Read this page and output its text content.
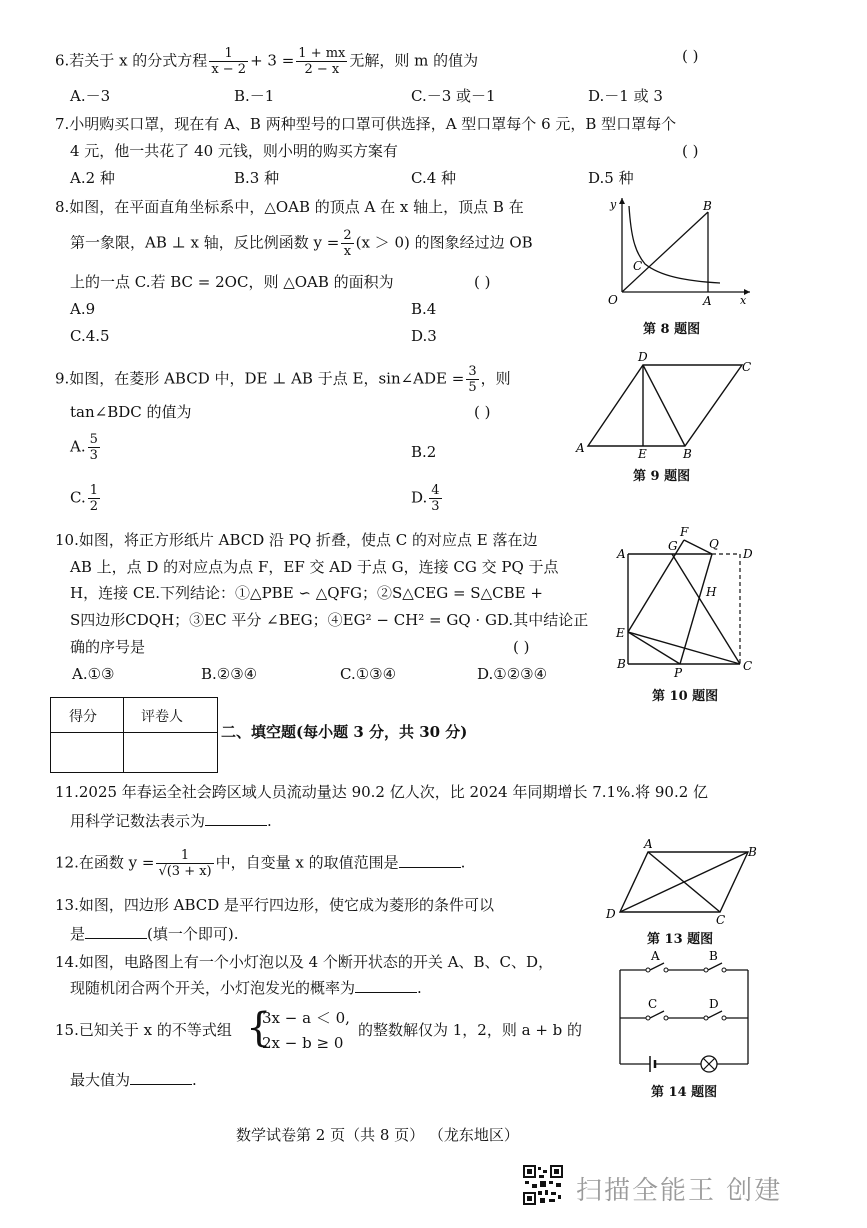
6.若关于 x 的分式方程 $\frac{1}{x - 2} + 3 = \frac{1 + mx}{2 - x}$ 无解，则 m 的值为	( )
A.－3	B.－1	C.－3 或－1	D.－1 或 3
7.小明购买口罩，现在有 A、B 两种型号的口罩可供选择，A 型口罩每个 6 元，B 型口罩每个
4 元，他一共花了 40 元钱，则小明的购买方案有	( )
A.2 种	B.3 种	C.4 种	D.5 种
8.如图，在平面直角坐标系中，△OAB 的顶点 A 在 x 轴上，顶点 B 在
第一象限，AB ⊥ x 轴，反比例函数 $y = \frac{2}{x} (x > 0)$ 的图象经过边 OB
上的一点 C.若 BC = 2OC，则 △OAB 的面积为	( )
A.9	B.4
C.4.5	D.3
y
x
O	A
B
C
第 8 题图
9.如图，在菱形 ABCD 中，DE ⊥ AB 于点 E，sin∠ADE = $\frac{3}{5}$ ，则
tan∠BDC 的值为	( )
A. $\frac{5}{3}$	B.2
C. $\frac{1}{2}$	D. $\frac{4}{3}$
A	B
C
D
E
第 9 题图
10.如图，将正方形纸片 ABCD 沿 PQ 折叠，使点 C 的对应点 E 落在边
AB 上，点 D 的对应点为点 F，EF 交 AD 于点 G，连接 CG 交 PQ 于点
H，连接 CE.下列结论：①△PBE ∽ △QFG；②S△CEG = S△CBE +
S四边形CDQH；③EC 平分 ∠BEG；④EG² − CH² = GQ · GD.其中结论正
确的序号是	( )
A.①③	B.②③④	C.①③④	D.①②③④
A
B	C
D
E
F
G
H
P
Q
第 10 题图
得分	评卷人
二、填空题(每小题 3 分，共 30 分)
11.2025 年春运全社会跨区域人员流动量达 90.2 亿人次，比 2024 年同期增长 7.1%.将 90.2 亿
用科学记数法表示为	.
12.在函数 $y = \frac{1}{√(3 + x)}$ 中，自变量 x 的取值范围是	.
13.如图，四边形 ABCD 是平行四边形，使它成为菱形的条件可以
是	(填一个即可).
A
B
C
D
第 13 题图
14.如图，电路图上有一个小灯泡以及 4 个断开状态的开关 A、B、C、D，
现随机闭合两个开关，小灯泡发光的概率为	.
A	B
C	D
第 14 题图
15.已知关于 x 的不等式组 {
3x − a ＜ 0,
2x − b ≥ 0
的整数解仅为 1，2，则 a + b 的
最大值为	.
数学试卷第 2 页（共 8 页） （龙东地区）
扫描全能王 创建
